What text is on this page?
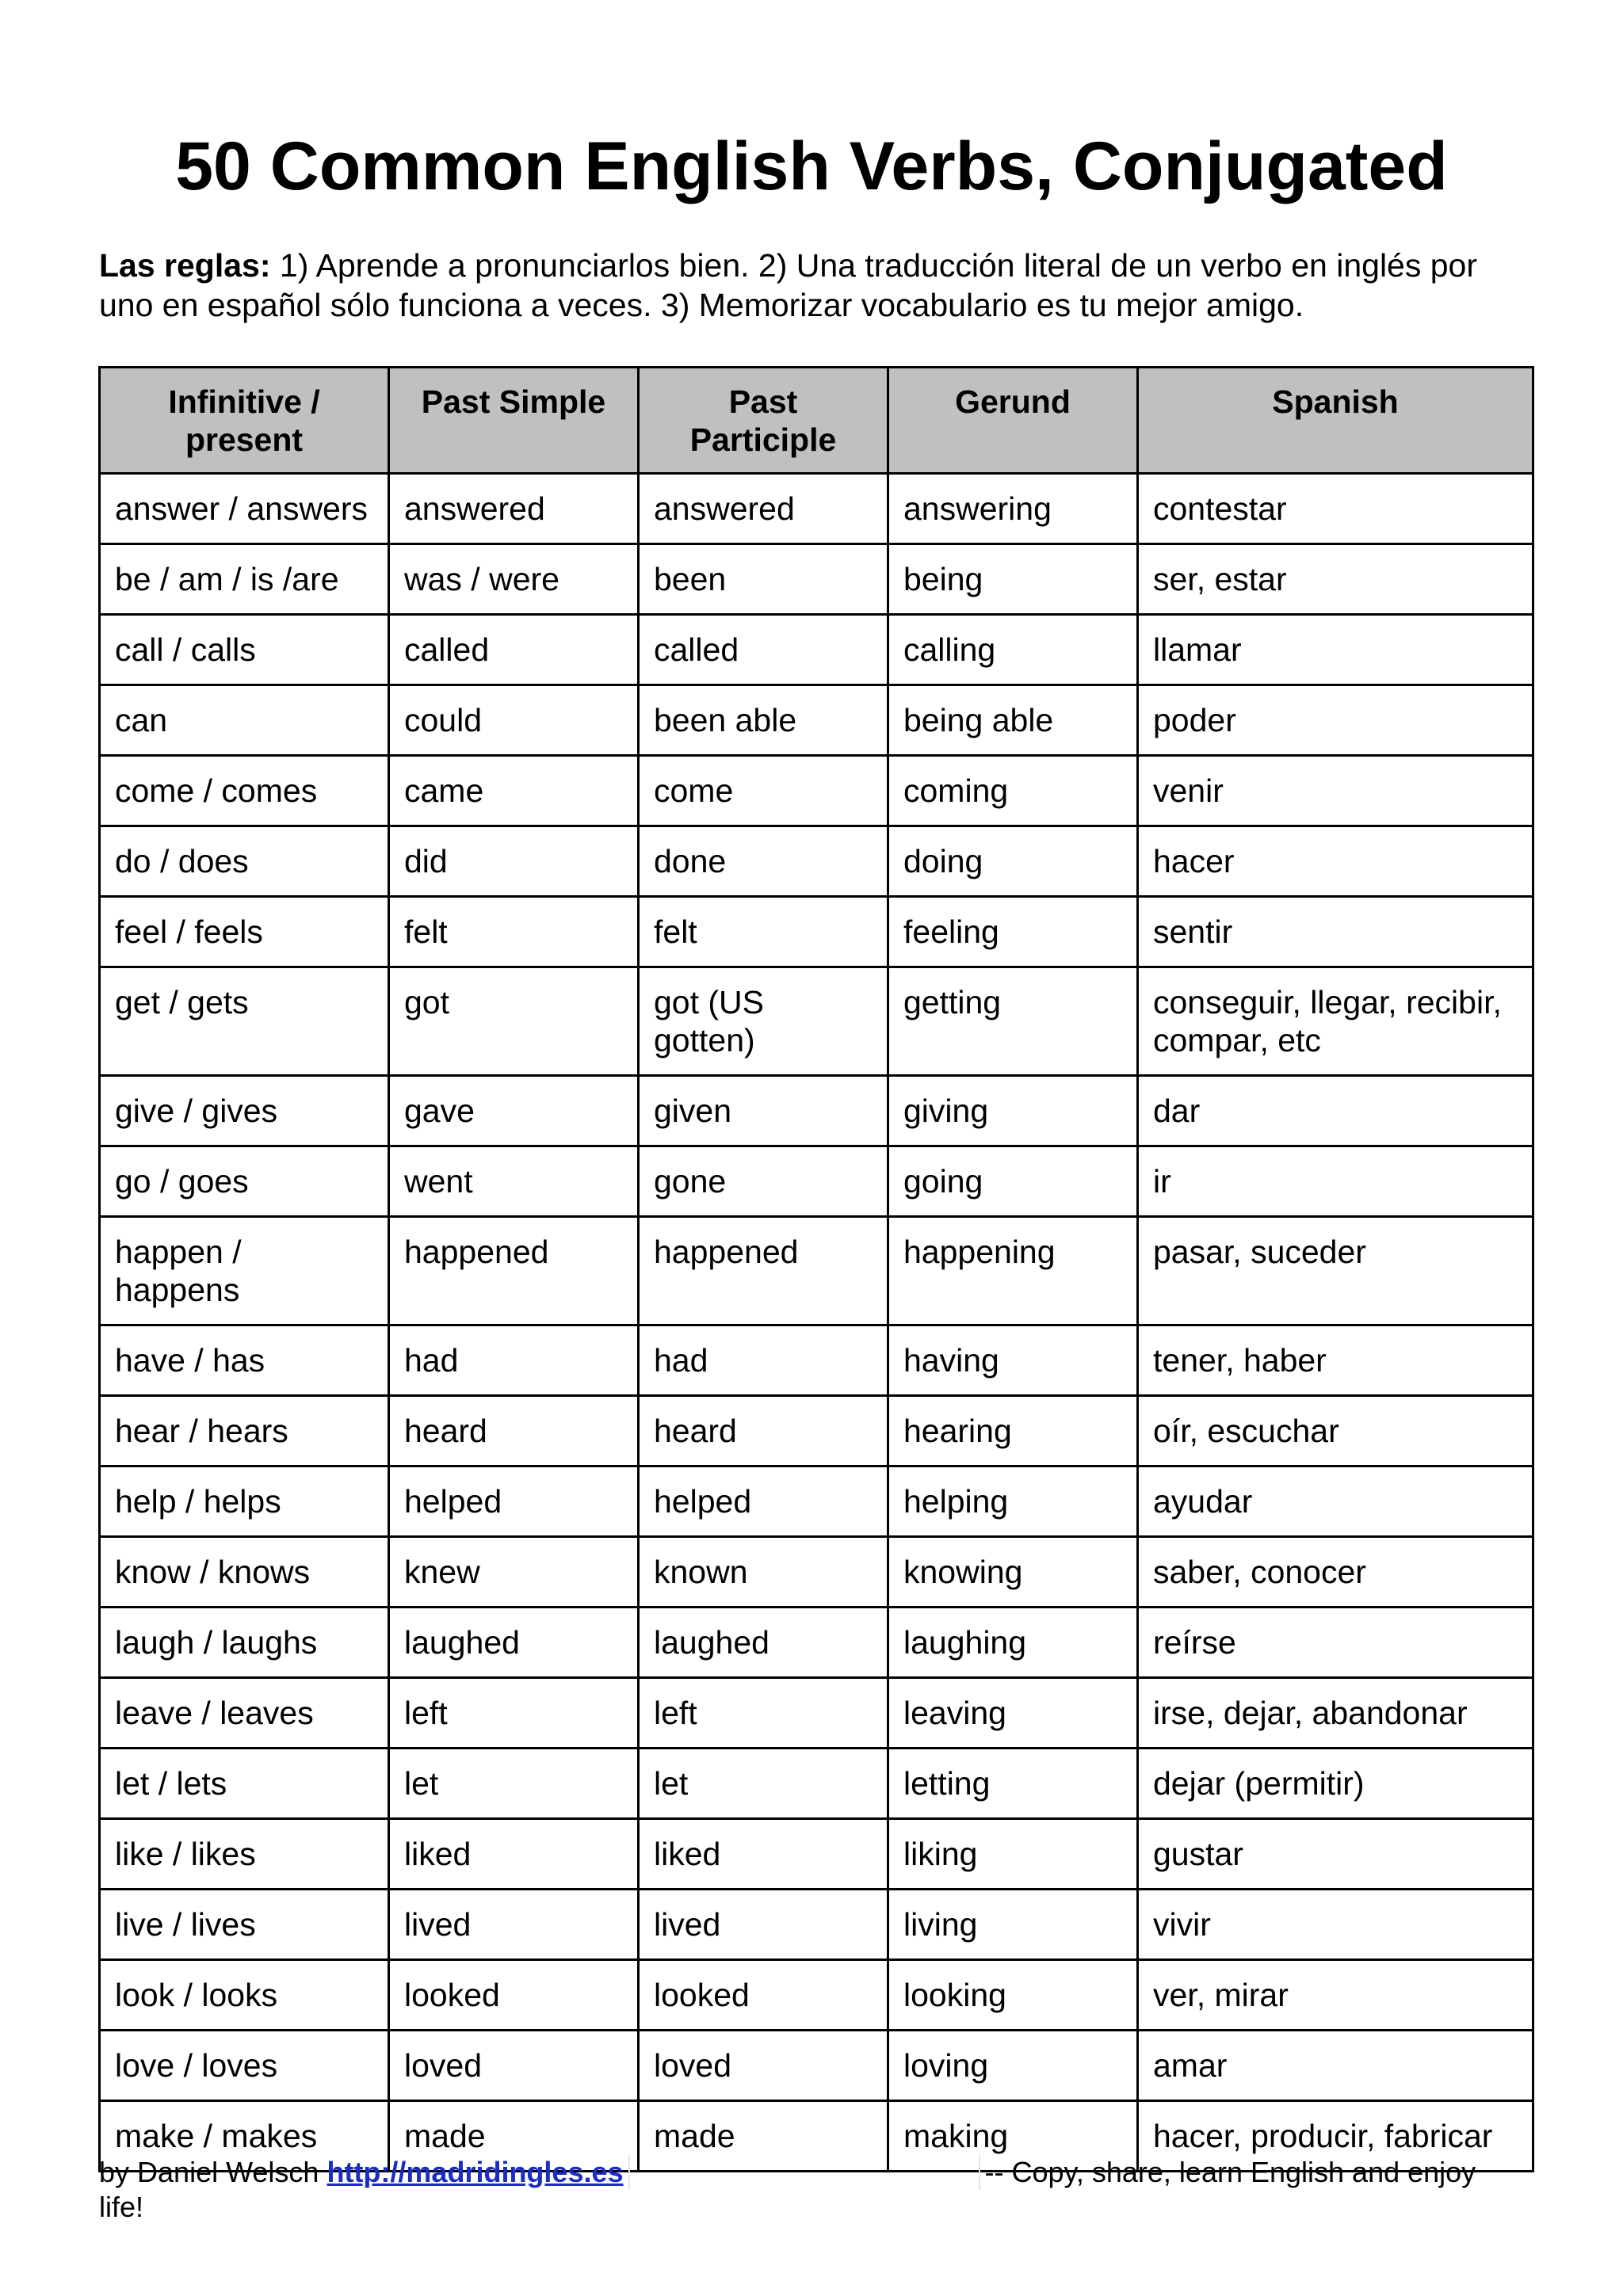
50 Common English Verbs, Conjugated
Las reglas: 1) Aprende a pronunciarlos bien. 2) Una traducción literal de un verbo en inglés por uno en español sólo funciona a veces. 3) Memorizar vocabulario es tu mejor amigo.
Infinitive / present	Past Simple	Past Participle	Gerund	Spanish
answer / answers	answered	answered	answering	contestar
be / am / is /are	was / were	been	being	ser, estar
call / calls	called	called	calling	llamar
can	could	been able	being able	poder
come / comes	came	come	coming	venir
do / does	did	done	doing	hacer
feel / feels	felt	felt	feeling	sentir
get / gets	got	got (US gotten)	getting	conseguir, llegar, recibir, compar, etc
give / gives	gave	given	giving	dar
go / goes	went	gone	going	ir
happen / happens	happened	happened	happening	pasar, suceder
have / has	had	had	having	tener, haber
hear / hears	heard	heard	hearing	oír, escuchar
help / helps	helped	helped	helping	ayudar
know / knows	knew	known	knowing	saber, conocer
laugh / laughs	laughed	laughed	laughing	reírse
leave / leaves	left	left	leaving	irse, dejar, abandonar
let / lets	let	let	letting	dejar (permitir)
like / likes	liked	liked	liking	gustar
live / lives	lived	lived	living	vivir
look / looks	looked	looked	looking	ver, mirar
love / loves	loved	loved	loving	amar
make / makes	made	made	making	hacer, producir, fabricar
by Daniel Welsch http://madridingles.es	-- Copy, share, learn English and enjoy life!
